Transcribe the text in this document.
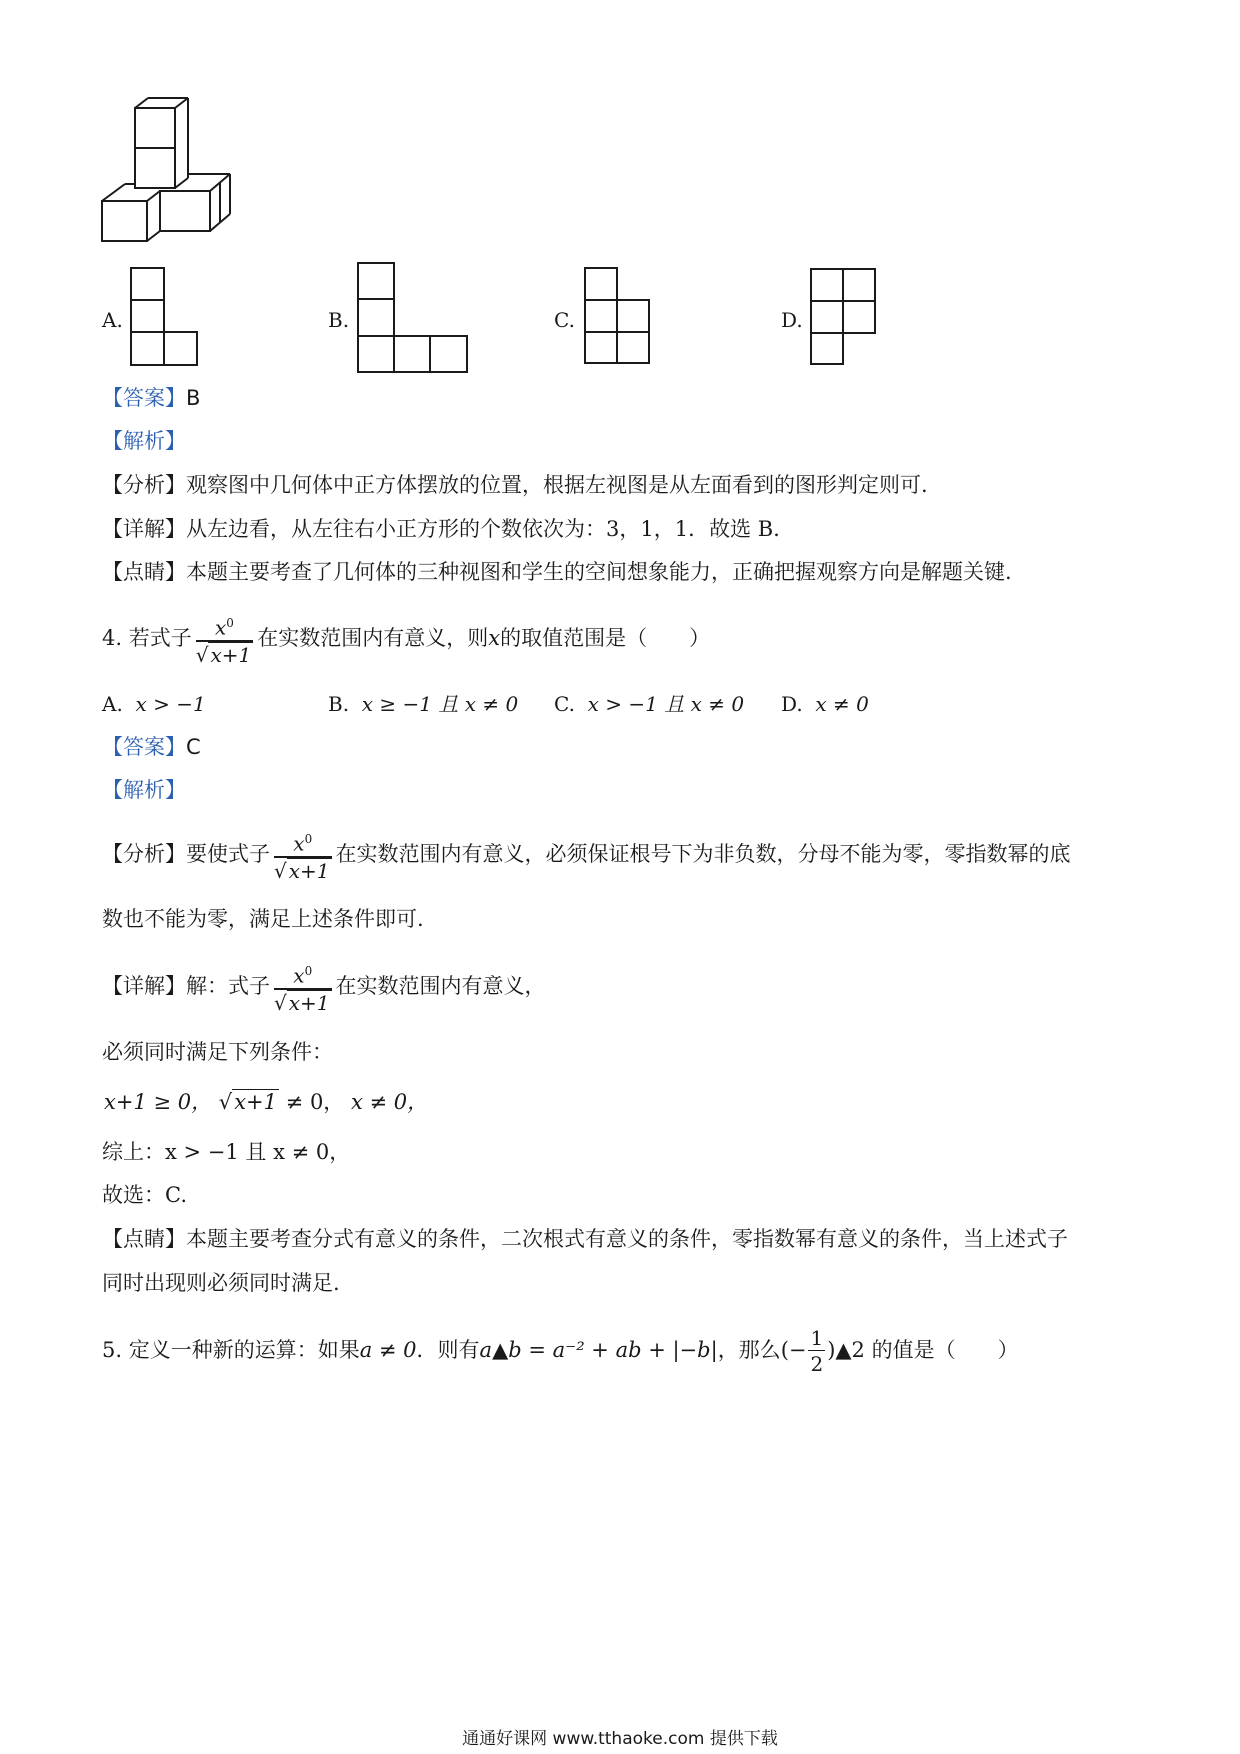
A.	B.	C.	D.
【答案】B
【解析】
【分析】观察图中几何体中正方体摆放的位置，根据左视图是从左面看到的图形判定则可.
【详解】从左边看，从左往右小正方形的个数依次为：3，1，1．故选 B．
【点睛】本题主要考查了几何体的三种视图和学生的空间想象能力，正确把握观察方向是解题关键.
4. 若式子 $\frac{x^0}{√ x+1}$ 在实数范围内有意义，则x的取值范围是（　　）
A. x > −1	B. x ≥ −1 且 x ≠ 0 C. x > −1 且 x ≠ 0 D. x ≠ 0
【答案】C
【解析】
【分析】要使式子 $\frac{x^0}{√ x+1}$ 在实数范围内有意义，必须保证根号下为非负数，分母不能为零，零指数幂的底
数也不能为零，满足上述条件即可.
【详解】解：式子 $\frac{x^0}{√ x+1}$ 在实数范围内有意义，
必须同时满足下列条件：
x+1 ≥ 0， √x+1 ≠ 0， x ≠ 0，
综上：x > −1 且 x ≠ 0，
故选：C.
【点睛】本题主要考查分式有意义的条件，二次根式有意义的条件，零指数幂有意义的条件，当上述式子
同时出现则必须同时满足.
5. 定义一种新的运算：如果a ≠ 0．则有a▲b = a⁻² + ab + |−b|，那么(− $\frac{1}{2}$ )▲2 的值是（　　）
通通好课网 www.tthaoke.com 提供下载
